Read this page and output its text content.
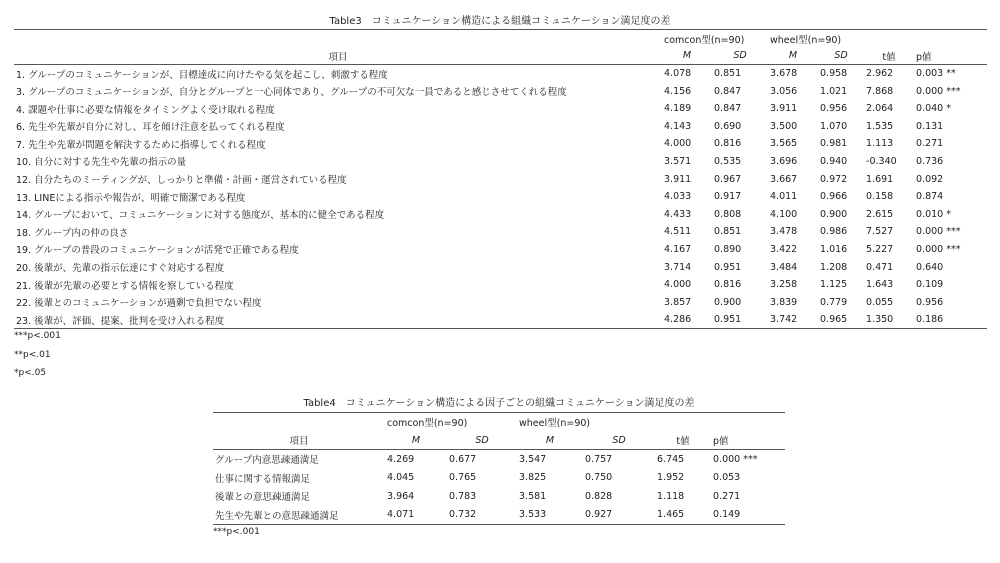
Table3　コミュニケーション構造による組織コミュニケーション満足度の差
	comcon型(n=90)		wheel型(n=90)			
項目	M	SD	M	SD	t値	p値
1. グループのコミュニケーションが、目標達成に向けたやる気を起こし、刺激する程度	4.078	0.851	3.678	0.958	2.962	0.003 **
3. グループのコミュニケーションが、自分とグループと一心同体であり、グループの不可欠な一員であると感じさせてくれる程度	4.156	0.847	3.056	1.021	7.868	0.000 ***
4. 課題や仕事に必要な情報をタイミングよく受け取れる程度	4.189	0.847	3.911	0.956	2.064	0.040 *
6. 先生や先輩が自分に対し、耳を傾け注意を払ってくれる程度	4.143	0.690	3.500	1.070	1.535	0.131
7. 先生や先輩が問題を解決するために指導してくれる程度	4.000	0.816	3.565	0.981	1.113	0.271
10. 自分に対する先生や先輩の指示の量	3.571	0.535	3.696	0.940	-0.340	0.736
12. 自分たちのミーティングが、しっかりと準備・計画・運営されている程度	3.911	0.967	3.667	0.972	1.691	0.092
13. LINEによる指示や報告が、明確で簡潔である程度	4.033	0.917	4.011	0.966	0.158	0.874
14. グループにおいて、コミュニケーションに対する態度が、基本的に健全である程度	4.433	0.808	4.100	0.900	2.615	0.010 *
18. グループ内の仲の良さ	4.511	0.851	3.478	0.986	7.527	0.000 ***
19. グループの普段のコミュニケーションが活発で正確である程度	4.167	0.890	3.422	1.016	5.227	0.000 ***
20. 後輩が、先輩の指示伝達にすぐ対応する程度	3.714	0.951	3.484	1.208	0.471	0.640
21. 後輩が先輩の必要とする情報を察している程度	4.000	0.816	3.258	1.125	1.643	0.109
22. 後輩とのコミュニケーションが過剰で負担でない程度	3.857	0.900	3.839	0.779	0.055	0.956
23. 後輩が、評価、提案、批判を受け入れる程度	4.286	0.951	3.742	0.965	1.350	0.186
***p<.001
**p<.01
*p<.05
Table4　コミュニケーション構造による因子ごとの組織コミュニケーション満足度の差
	comcon型(n=90)		wheel型(n=90)			
項目	M	SD	M	SD	t値	p値
グループ内意思疎通満足	4.269	0.677	3.547	0.757	6.745	0.000 ***
仕事に関する情報満足	4.045	0.765	3.825	0.750	1.952	0.053
後輩との意思疎通満足	3.964	0.783	3.581	0.828	1.118	0.271
先生や先輩との意思疎通満足	4.071	0.732	3.533	0.927	1.465	0.149
***p<.001
